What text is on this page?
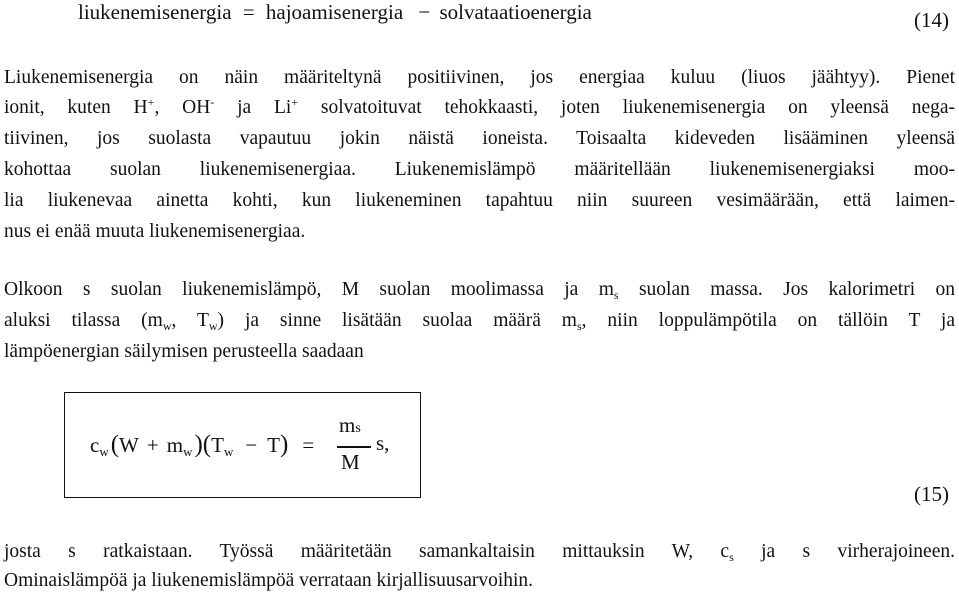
liukenemisenergia = hajoamisenergia − solvataatioenergia	(14)
Liukenemisenergia on näin määriteltynä positiivinen, jos energiaa kuluu (liuos jäähtyy). Pienet
ionit, kuten H+, OH- ja Li+ solvatoituvat tehokkaasti, joten liukenemisenergia on yleensä nega-
tiivinen, jos suolasta vapautuu jokin näistä ioneista. Toisaalta kideveden lisääminen yleensä
kohottaa suolan liukenemisenergiaa. Liukenemislämpö määritellään liukenemisenergiaksi moo-
lia liukenevaa ainetta kohti, kun liukeneminen tapahtuu niin suureen vesimäärään, että laimen-
nus ei enää muuta liukenemisenergiaa.
Olkoon s suolan liukenemislämpö, M suolan moolimassa ja $m_s$ suolan massa. Jos kalorimetri on
aluksi tilassa ($m_w$, $T_w$) ja sinne lisätään suolaa määrä $m_s$, niin loppulämpötila on tällöin T ja
lämpöenergian säilymisen perusteella saadaan
$c_w(W + m_w)(T_w - T)$ =
ms
M
s,
(15)
josta s ratkaistaan. Työssä määritetään samankaltaisin mittauksin W, $c_s$ ja s virherajoineen.
Ominaislämpöä ja liukenemislämpöä verrataan kirjallisuusarvoihin.
